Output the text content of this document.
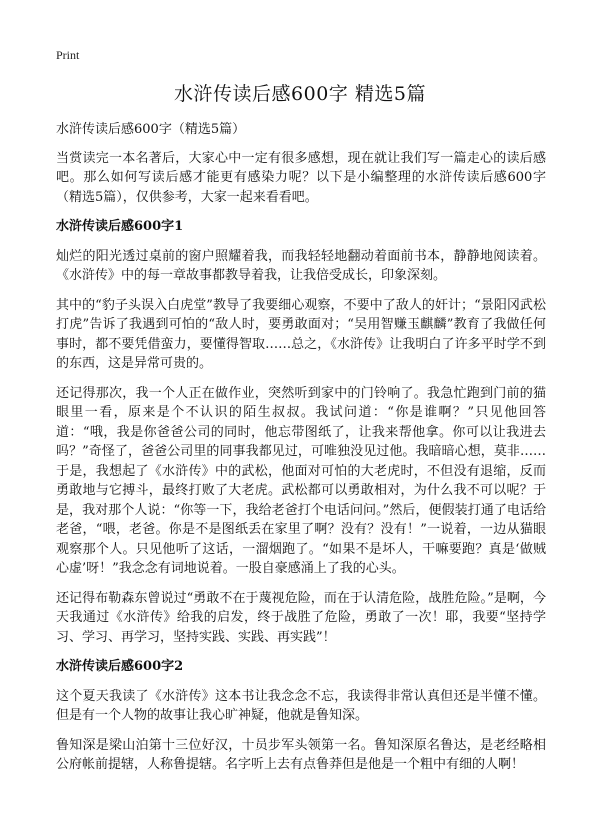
Print
水浒传读后感600字 精选5篇

水浒传读后感600字（精选5篇）

当赏读完一本名著后，大家心中一定有很多感想，现在就让我们写一篇走心的读后感吧。那么如何写读后感才能更有感染力呢？以下是小编整理的水浒传读后感600字（精选5篇），仅供参考，大家一起来看看吧。

水浒传读后感600字1

灿烂的阳光透过桌前的窗户照耀着我，而我轻轻地翻动着面前书本，静静地阅读着。《水浒传》中的每一章故事都教导着我，让我倍受成长，印象深刻。

其中的“豹子头误入白虎堂”教导了我要细心观察，不要中了敌人的奸计；“景阳冈武松打虎”告诉了我遇到可怕的“敌人时，要勇敢面对；“吴用智赚玉麒麟”教育了我做任何事时，都不要凭借蛮力，要懂得智取……总之，《水浒传》让我明白了许多平时学不到的东西，这是异常可贵的。

还记得那次，我一个人正在做作业，突然听到家中的门铃响了。我急忙跑到门前的猫眼里一看，原来是个不认识的陌生叔叔。我试问道：“你是谁啊？”只见他回答道：“哦，我是你爸爸公司的同时，他忘带图纸了，让我来帮他拿。你可以让我进去吗？”奇怪了，爸爸公司里的同事我都见过，可唯独没见过他。我暗暗心想，莫非……于是，我想起了《水浒传》中的武松，他面对可怕的大老虎时，不但没有退缩，反而勇敢地与它搏斗，最终打败了大老虎。武松都可以勇敢相对，为什么我不可以呢？于是，我对那个人说：“你等一下，我给老爸打个电话问问。”然后，便假装打通了电话给老爸，“喂，老爸。你是不是图纸丢在家里了啊？没有？没有！”一说着，一边从猫眼观察那个人。只见他听了这话，一溜烟跑了。“如果不是坏人，干嘛要跑？真是‘做贼心虚’呀！”我念念有词地说着。一股自豪感涌上了我的心头。

还记得布勒森东曾说过“勇敢不在于蔑视危险，而在于认清危险，战胜危险。”是啊，今天我通过《水浒传》给我的启发，终于战胜了危险，勇敢了一次！耶，我要“坚持学习、学习、再学习，坚持实践、实践、再实践”！

水浒传读后感600字2

这个夏天我读了《水浒传》这本书让我念念不忘，我读得非常认真但还是半懂不懂。但是有一个人物的故事让我心旷神疑，他就是鲁知深。

鲁知深是梁山泊第十三位好汉，十员步军头领第一名。鲁知深原名鲁达，是老经略相公府帐前提辖，人称鲁提辖。名字听上去有点鲁莽但是他是一个粗中有细的人啊！
